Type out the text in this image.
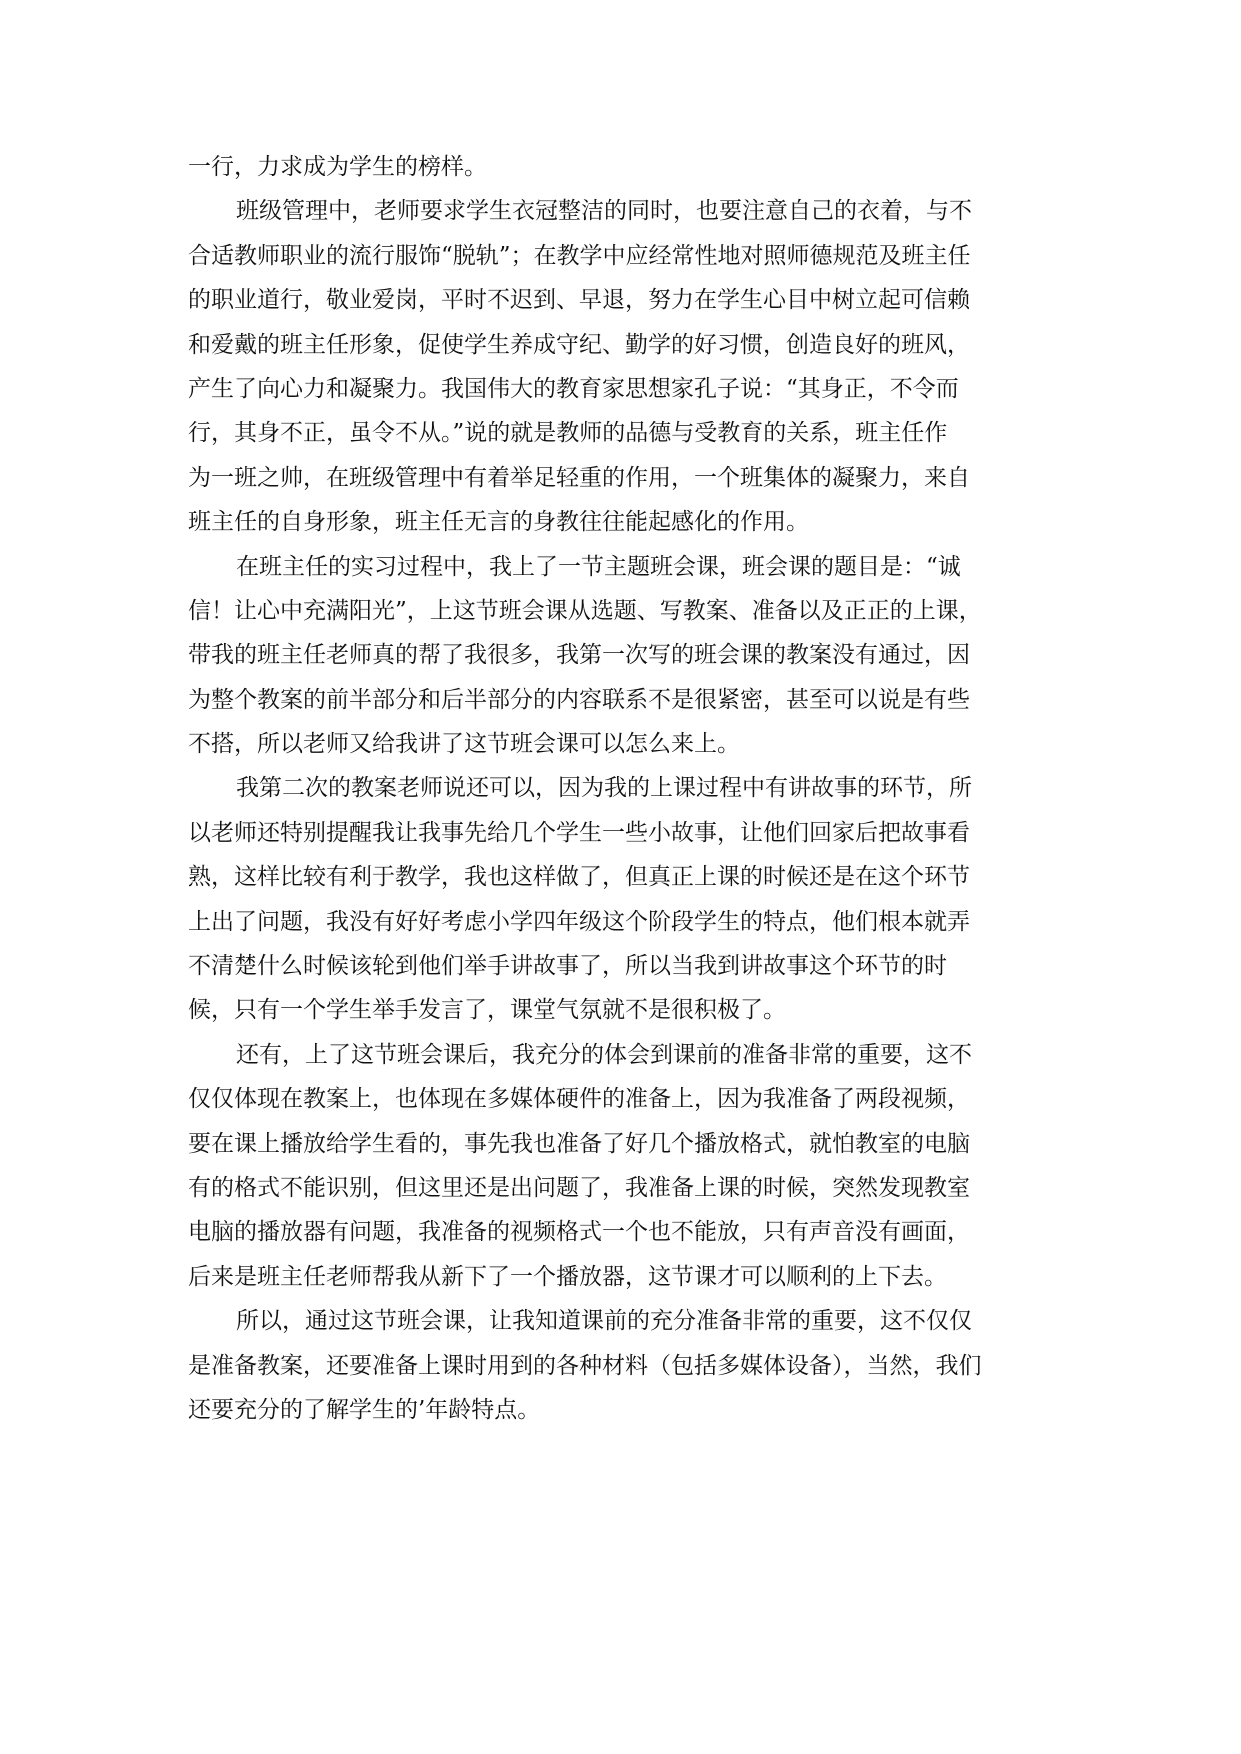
一行，力求成为学生的榜样。
班级管理中，老师要求学生衣冠整洁的同时，也要注意自己的衣着，与不
合适教师职业的流行服饰“脱轨”；在教学中应经常性地对照师德规范及班主任
的职业道行，敬业爱岗，平时不迟到、早退，努力在学生心目中树立起可信赖
和爱戴的班主任形象，促使学生养成守纪、勤学的好习惯，创造良好的班风，
产生了向心力和凝聚力。我国伟大的教育家思想家孔子说：“其身正，不令而
行，其身不正，虽令不从。”说的就是教师的品德与受教育的关系，班主任作
为一班之帅，在班级管理中有着举足轻重的作用，一个班集体的凝聚力，来自
班主任的自身形象，班主任无言的身教往往能起感化的作用。
在班主任的实习过程中，我上了一节主题班会课，班会课的题目是：“诚
信！让心中充满阳光”，上这节班会课从选题、写教案、准备以及正正的上课，
带我的班主任老师真的帮了我很多，我第一次写的班会课的教案没有通过，因
为整个教案的前半部分和后半部分的内容联系不是很紧密，甚至可以说是有些
不搭，所以老师又给我讲了这节班会课可以怎么来上。
我第二次的教案老师说还可以，因为我的上课过程中有讲故事的环节，所
以老师还特别提醒我让我事先给几个学生一些小故事，让他们回家后把故事看
熟，这样比较有利于教学，我也这样做了，但真正上课的时候还是在这个环节
上出了问题，我没有好好考虑小学四年级这个阶段学生的特点，他们根本就弄
不清楚什么时候该轮到他们举手讲故事了，所以当我到讲故事这个环节的时
候，只有一个学生举手发言了，课堂气氛就不是很积极了。
还有，上了这节班会课后，我充分的体会到课前的准备非常的重要，这不
仅仅体现在教案上，也体现在多媒体硬件的准备上，因为我准备了两段视频，
要在课上播放给学生看的，事先我也准备了好几个播放格式，就怕教室的电脑
有的格式不能识别，但这里还是出问题了，我准备上课的时候，突然发现教室
电脑的播放器有问题，我准备的视频格式一个也不能放，只有声音没有画面，
后来是班主任老师帮我从新下了一个播放器，这节课才可以顺利的上下去。
所以，通过这节班会课，让我知道课前的充分准备非常的重要，这不仅仅
是准备教案，还要准备上课时用到的各种材料（包括多媒体设备），当然，我们
还要充分的了解学生的’年龄特点。
